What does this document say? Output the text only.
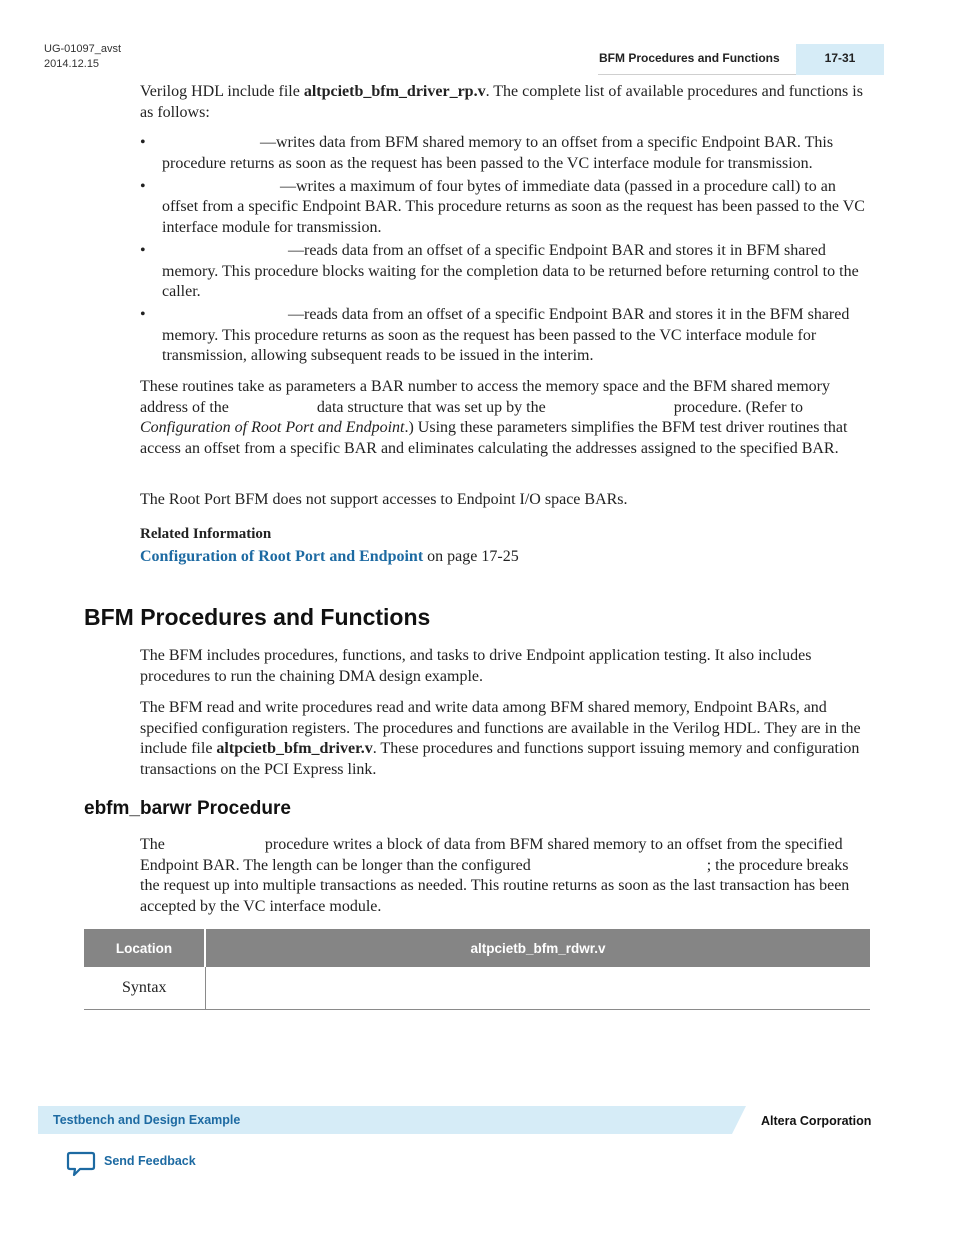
UG-01097_avst
2014.12.15	BFM Procedures and Functions	17-31

Verilog HDL include file altpcietb_bfm_driver_rp.v. The complete list of available procedures and functions is as follows:

• —writes data from BFM shared memory to an offset from a specific Endpoint BAR. This procedure returns as soon as the request has been passed to the VC interface module for transmission.
• —writes a maximum of four bytes of immediate data (passed in a procedure call) to an offset from a specific Endpoint BAR. This procedure returns as soon as the request has been passed to the VC interface module for transmission.
• —reads data from an offset of a specific Endpoint BAR and stores it in BFM shared memory. This procedure blocks waiting for the completion data to be returned before returning control to the caller.
• —reads data from an offset of a specific Endpoint BAR and stores it in the BFM shared memory. This procedure returns as soon as the request has been passed to the VC interface module for transmission, allowing subsequent reads to be issued in the interim.

These routines take as parameters a BAR number to access the memory space and the BFM shared memory address of the	data structure that was set up by the	procedure. (Refer to Configuration of Root Port and Endpoint.) Using these parameters simplifies the BFM test driver routines that access an offset from a specific BAR and eliminates calculating the addresses assigned to the specified BAR.

The Root Port BFM does not support accesses to Endpoint I/O space BARs.

Related Information
Configuration of Root Port and Endpoint on page 17-25
BFM Procedures and Functions

The BFM includes procedures, functions, and tasks to drive Endpoint application testing. It also includes procedures to run the chaining DMA design example.

The BFM read and write procedures read and write data among BFM shared memory, Endpoint BARs, and specified configuration registers. The procedures and functions are available in the Verilog HDL. They are in the include file altpcietb_bfm_driver.v. These procedures and functions support issuing memory and configuration transactions on the PCI Express link.

ebfm_barwr Procedure

The	procedure writes a block of data from BFM shared memory to an offset from the specified Endpoint BAR. The length can be longer than the configured	; the procedure breaks the request up into multiple transactions as needed. This routine returns as soon as the last transaction has been accepted by the VC interface module.

Location	altpcietb_bfm_rdwr.v
Syntax	
Testbench and Design Example	Altera Corporation
Send Feedback
